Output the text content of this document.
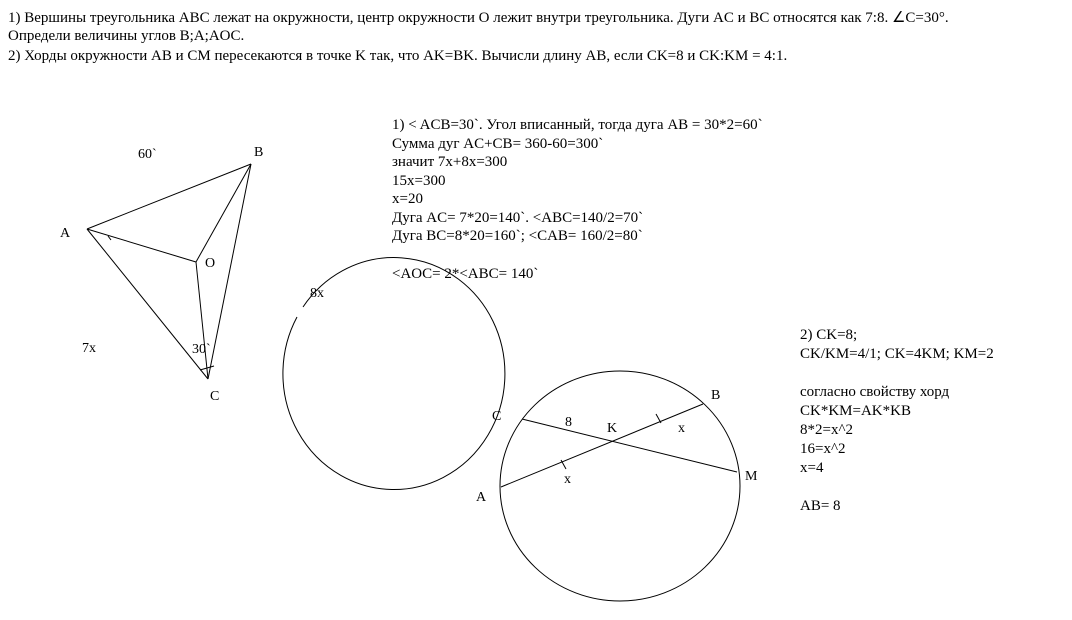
1) Вершины треугольника ABC лежат на окружности, центр окружности O лежит внутри треугольника. Дуги AC и BC относятся как 7:8. ∠C=30°.
Определи величины углов B;A;AOC.
2) Хорды окружности AB и CM пересекаются в точке K так, что AK=BK. Вычисли длину AB, если CK=8 и CK:KM = 4:1.
1) < ACB=30`. Угол вписанный, тогда дуга AB = 30*2=60`
Сумма дуг AC+CB= 360-60=300`
значит 7x+8x=300
15x=300
x=20
Дуга AC= 7*20=140`. <ABC=140/2=70`
Дуга BC=8*20=160`; <CAB= 160/2=80`
<AOC= 2*<ABC= 140`
2) CK=8;
CK/KM=4/1; CK=4KM; KM=2
согласно свойству хорд
CK*KM=AK*KB
8*2=x^2
16=x^2
x=4
AB= 8
A
B
C
O
60`
8x
7x	30`
A
B
C
M
K
8	x
x
